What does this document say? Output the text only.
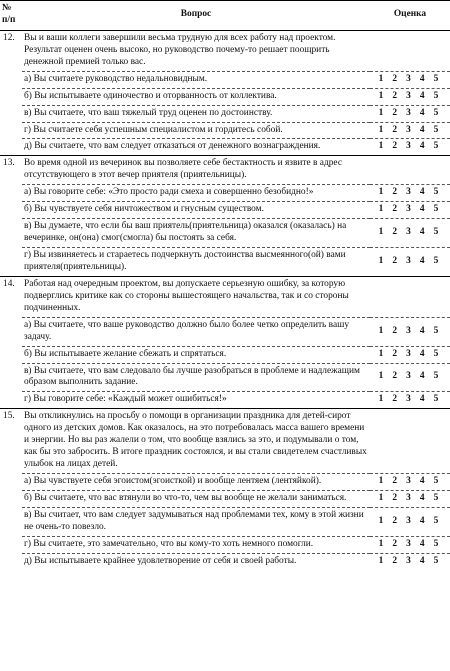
№ п/п	Вопрос	Оценка
12.	Вы и ваши коллеги завершили весьма трудную для всех работу над проектом. Результат оценен очень высоко, но руководство почему-то решает поощрить денежной премией только вас.	
	а) Вы считаете руководство недальновидным.	1 2 3 4 5

	б) Вы испытываете одиночество и оторванность от коллектива.	1 2 3 4 5

	в) Вы считаете, что ваш тяжелый труд оценен по достоинству.	1 2 3 4 5

	г) Вы считаете себя успешным специалистом и гордитесь собой.	1 2 3 4 5

	д) Вы считаете, что вам следует отказаться от денежного вознаграждения.	1 2 3 4 5

13.	Во время одной из вечеринок вы позволяете себе бестактность и язвите в адрес отсутствующего в этот вечер приятеля (приятельницы).	
	а) Вы говорите себе: «Это просто ради смеха и совершенно безобидно!»	1 2 3 4 5

	б) Вы чувствуете себя ничтожеством и гнусным существом.	1 2 3 4 5

	в) Вы думаете, что если бы ваш приятель(приятельница) оказался (оказалась) на вечеринке, он(она) смог(смогла) бы постоять за себя.	1 2 3 4 5

	г) Вы извиняетесь и стараетесь подчеркнуть достоинства высмеянного(ой) вами приятеля(приятельницы).	1 2 3 4 5

14.	Работая над очередным проектом, вы допускаете серьезную ошибку, за которую подверглись критике как со стороны вышестоящего начальства, так и со стороны подчиненных.	
	а) Вы считаете, что ваше руководство должно было более четко определить вашу задачу.	1 2 3 4 5

	б) Вы испытываете желание сбежать и спрятаться.	1 2 3 4 5

	в) Вы считаете, что вам следовало бы лучше разобраться в проблеме и надлежащим образом выполнить задание.	1 2 3 4 5

	г) Вы говорите себе: «Каждый может ошибиться!»	1 2 3 4 5

15.	Вы откликнулись на просьбу о помощи в организации праздника для детей-сирот одного из детских домов. Как оказалось, на это потребовалась масса вашего времени и энергии. Но вы раз жалели о том, что вообще взялись за это, и подумывали о том, как бы это забросить. В итоге праздник состоялся, и вы стали свидетелем счастливых улыбок на лицах детей.	
	а) Вы чувствуете себя эгоистом(эгоисткой) и вообще лентяем (лентяйкой).	1 2 3 4 5

	б) Вы считаете, что вас втянули во что-то, чем вы вообще не желали заниматься.	1 2 3 4 5

	в) Вы считает, что вам следует задумываться над проблемами тех, кому в этой жизни не очень-то повезло.	1 2 3 4 5

	г) Вы считаете, это замечательно, что вы кому-то хоть немного помогли.	1 2 3 4 5

	д) Вы испытываете крайнее удовлетворение от себя и своей работы.	1 2 3 4 5
